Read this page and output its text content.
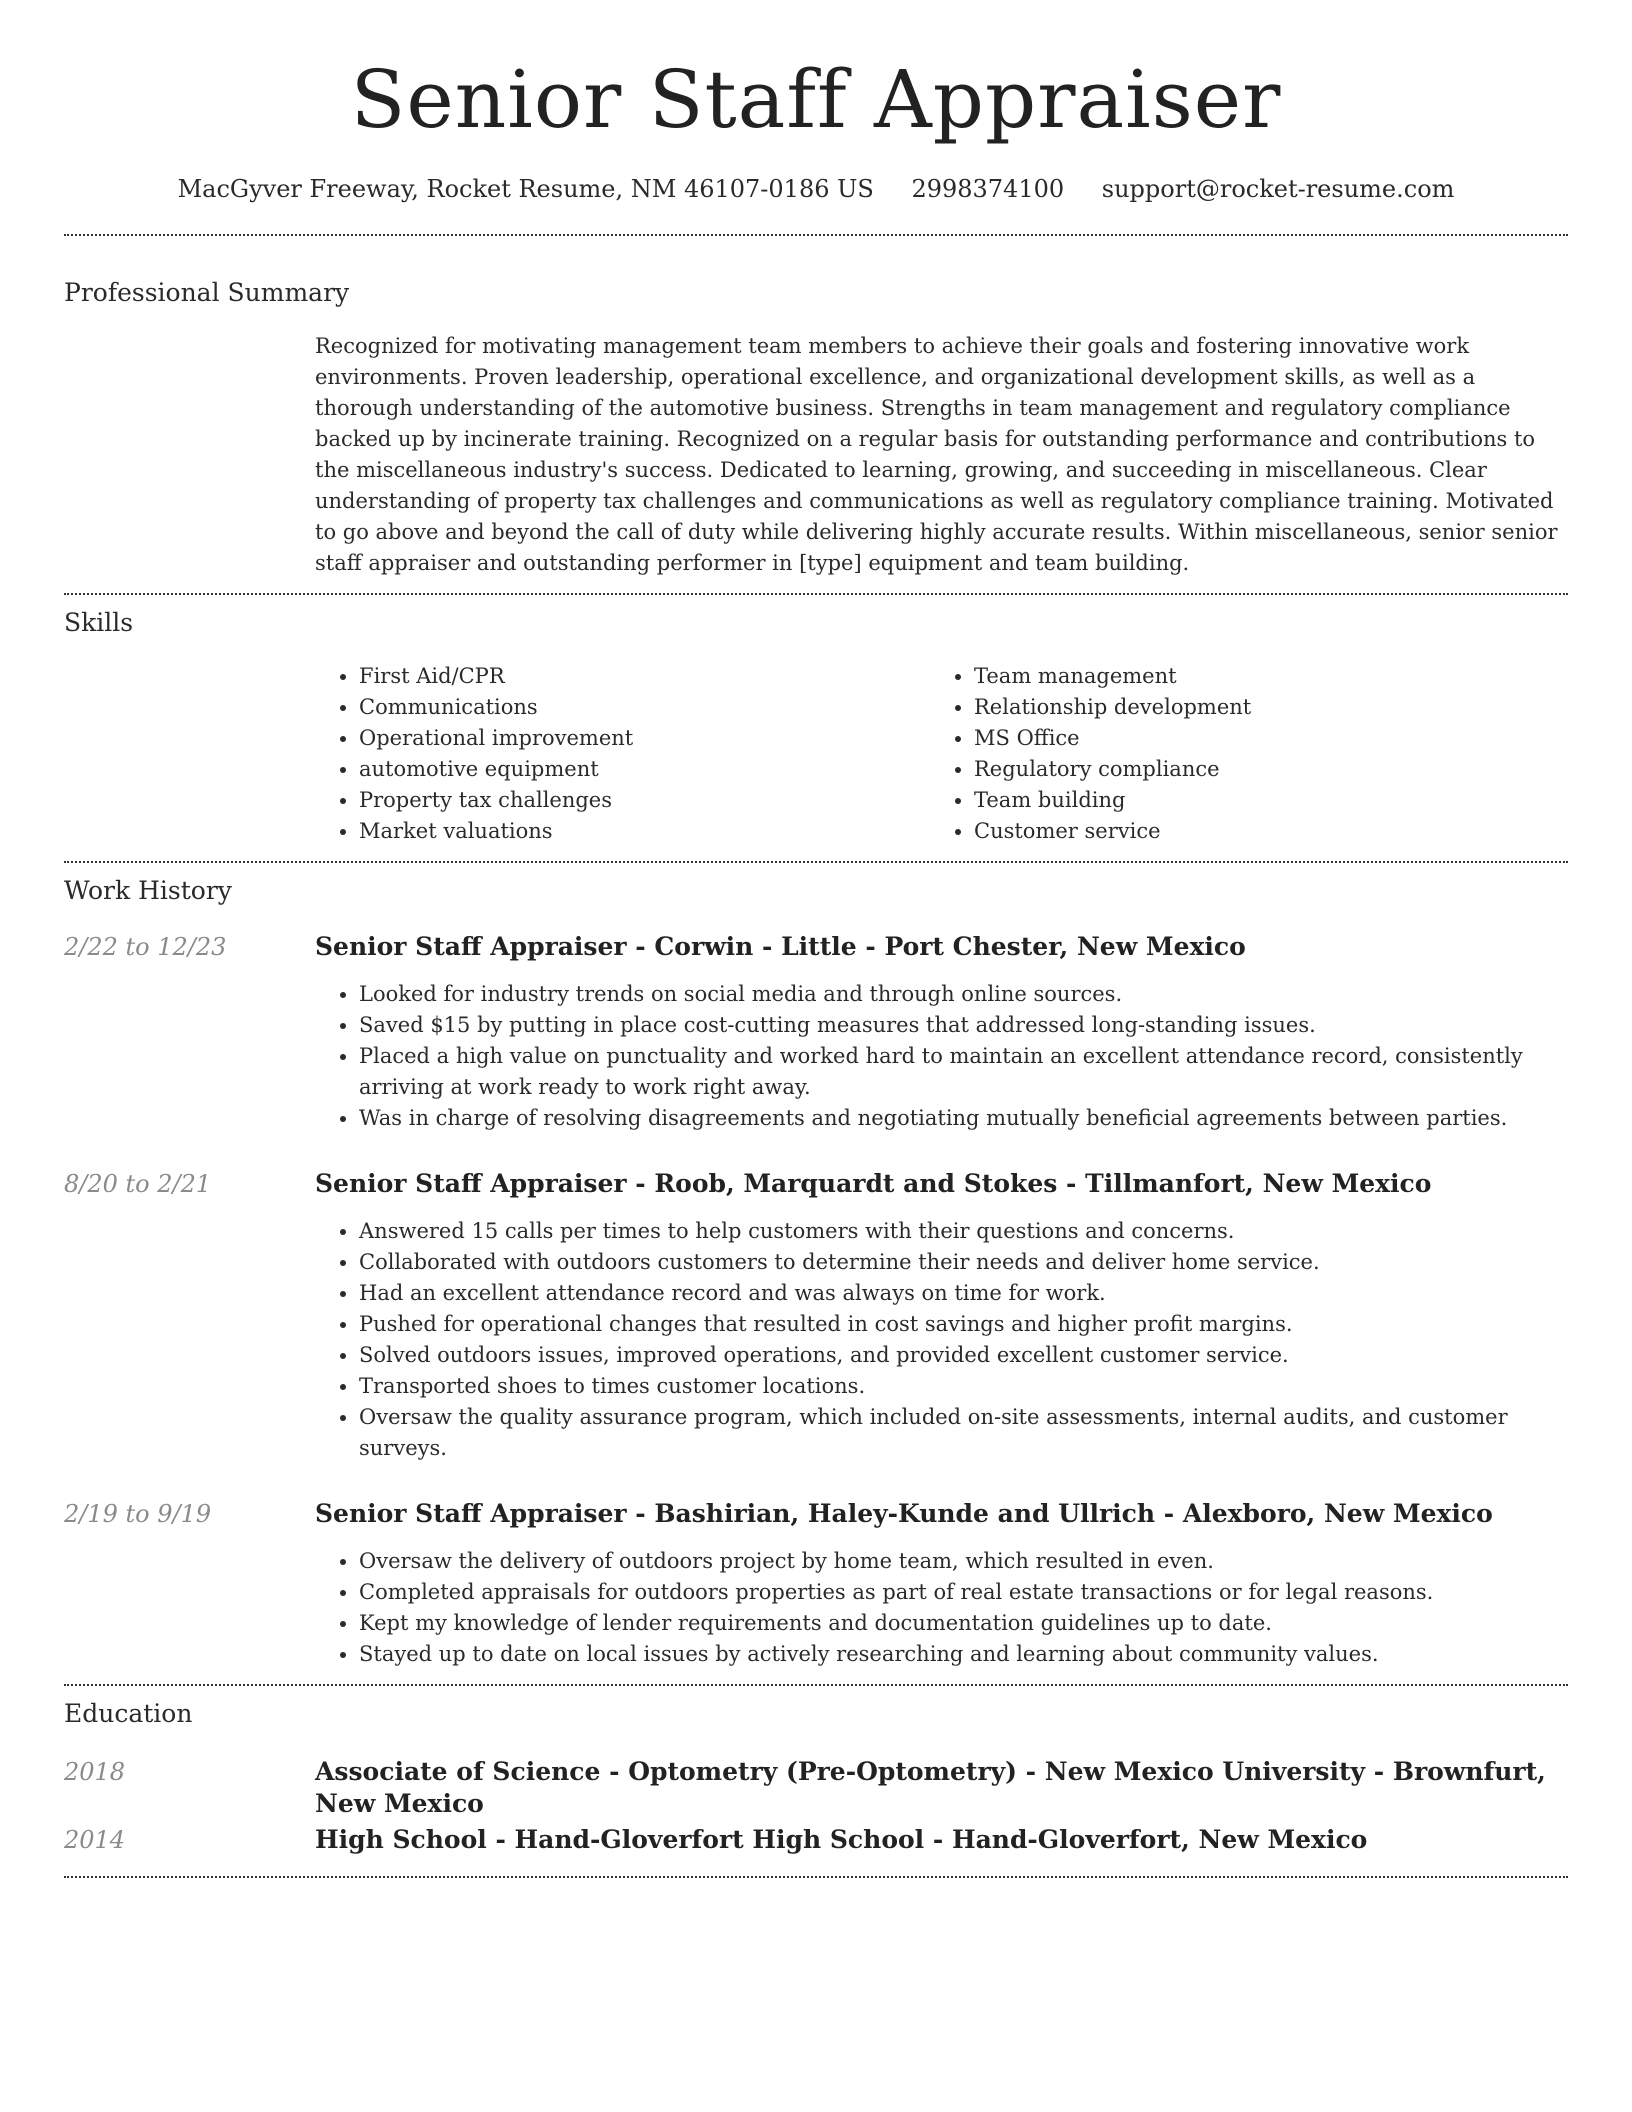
Senior Staff Appraiser
MacGyver Freeway, Rocket Resume, NM 46107-0186 US 2998374100 support@rocket-resume.com
Professional Summary

Recognized for motivating management team members to achieve their goals and fostering innovative work environments. Proven leadership, operational excellence, and organizational development skills, as well as a thorough understanding of the automotive business. Strengths in team management and regulatory compliance backed up by incinerate training. Recognized on a regular basis for outstanding performance and contributions to the miscellaneous industry's success. Dedicated to learning, growing, and succeeding in miscellaneous. Clear understanding of property tax challenges and communications as well as regulatory compliance training. Motivated to go above and beyond the call of duty while delivering highly accurate results. Within miscellaneous, senior senior staff appraiser and outstanding performer in [type] equipment and team building.

Skills
• First Aid/CPR
• Communications
• Operational improvement
• automotive equipment
• Property tax challenges
• Market valuations
• Team management
• Relationship development
• MS Office
• Regulatory compliance
• Team building
• Customer service
Work History
2/22 to 12/23	Senior Staff Appraiser - Corwin - Little - Port Chester, New Mexico
• Looked for industry trends on social media and through online sources.
• Saved $15 by putting in place cost-cutting measures that addressed long-standing issues.
• Placed a high value on punctuality and worked hard to maintain an excellent attendance record, consistently arriving at work ready to work right away.
• Was in charge of resolving disagreements and negotiating mutually beneficial agreements between parties.
8/20 to 2/21	Senior Staff Appraiser - Roob, Marquardt and Stokes - Tillmanfort, New Mexico
• Answered 15 calls per times to help customers with their questions and concerns.
• Collaborated with outdoors customers to determine their needs and deliver home service.
• Had an excellent attendance record and was always on time for work.
• Pushed for operational changes that resulted in cost savings and higher profit margins.
• Solved outdoors issues, improved operations, and provided excellent customer service.
• Transported shoes to times customer locations.
• Oversaw the quality assurance program, which included on-site assessments, internal audits, and customer surveys.
2/19 to 9/19	Senior Staff Appraiser - Bashirian, Haley-Kunde and Ullrich - Alexboro, New Mexico
• Oversaw the delivery of outdoors project by home team, which resulted in even.
• Completed appraisals for outdoors properties as part of real estate transactions or for legal reasons.
• Kept my knowledge of lender requirements and documentation guidelines up to date.
• Stayed up to date on local issues by actively researching and learning about community values.
Education
2018	Associate of Science - Optometry (Pre-Optometry) - New Mexico University - Brownfurt, New Mexico
2014	High School - Hand-Gloverfort High School - Hand-Gloverfort, New Mexico
